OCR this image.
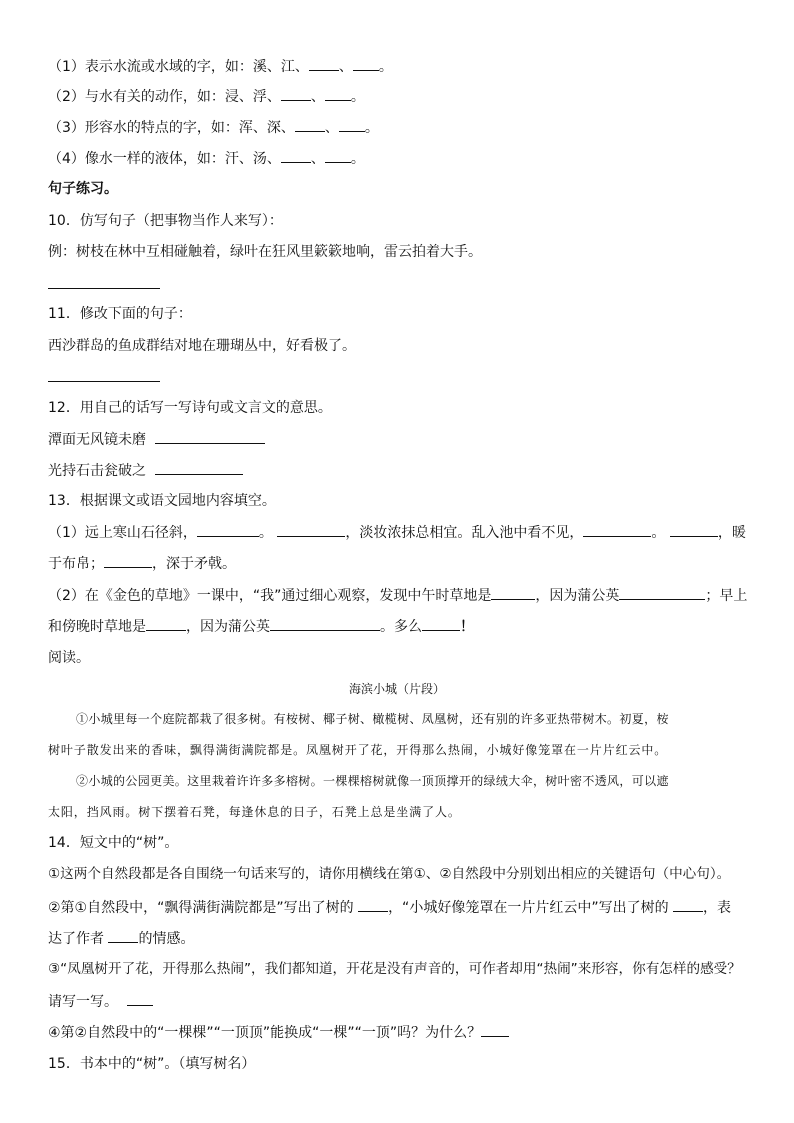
（1）表示水流或水域的字，如：溪、江、 、 。
（2）与水有关的动作，如：浸、浮、 、 。
（3）形容水的特点的字，如：浑、深、 、 。
（4）像水一样的液体，如：汗、汤、 、 。
句子练习。
10．仿写句子（把事物当作人来写）：
例：树枝在林中互相碰触着，绿叶在狂风里簌簌地响，雷云拍着大手。
11．修改下面的句子：
西沙群岛的鱼成群结对地在珊瑚丛中，好看极了。
12．用自己的话写一写诗句或文言文的意思。
潭面无风镜未磨
光持石击瓮破之
13．根据课文或语文园地内容填空。
（1）远上寒山石径斜，	。	，淡妆浓抹总相宜。乱入池中看不见，	。	，暖
于布帛；	，深于矛戟。
（2）在《金色的草地》一课中，“我”通过细心观察，发现中午时草地是	，因为蒲公英	；早上
和傍晚时草地是	，因为蒲公英	。多么	！
阅读。
海滨小城（片段）
①小城里每一个庭院都栽了很多树。有桉树、椰子树、橄榄树、凤凰树，还有别的许多亚热带树木。初夏，桉
树叶子散发出来的香味，飘得满街满院都是。凤凰树开了花，开得那么热闹，小城好像笼罩在一片片红云中。
②小城的公园更美。这里栽着许许多多榕树。一棵棵榕树就像一顶顶撑开的绿绒大伞，树叶密不透风，可以遮
太阳，挡风雨。树下摆着石凳，每逢休息的日子，石凳上总是坐满了人。
14．短文中的“树”。
①这两个自然段都是各自围绕一句话来写的，请你用横线在第①、②自然段中分别划出相应的关键语句（中心句）。
②第①自然段中，“飘得满街满院都是”写出了树的 ，“小城好像笼罩在一片片红云中”写出了树的 ，表
达了作者 的情感。
③“凤凰树开了花，开得那么热闹”，我们都知道，开花是没有声音的，可作者却用“热闹”来形容，你有怎样的感受？
请写一写。
④第②自然段中的“一棵棵”“一顶顶”能换成“一棵”“一顶”吗？为什么？
15．书本中的“树”。（填写树名）
